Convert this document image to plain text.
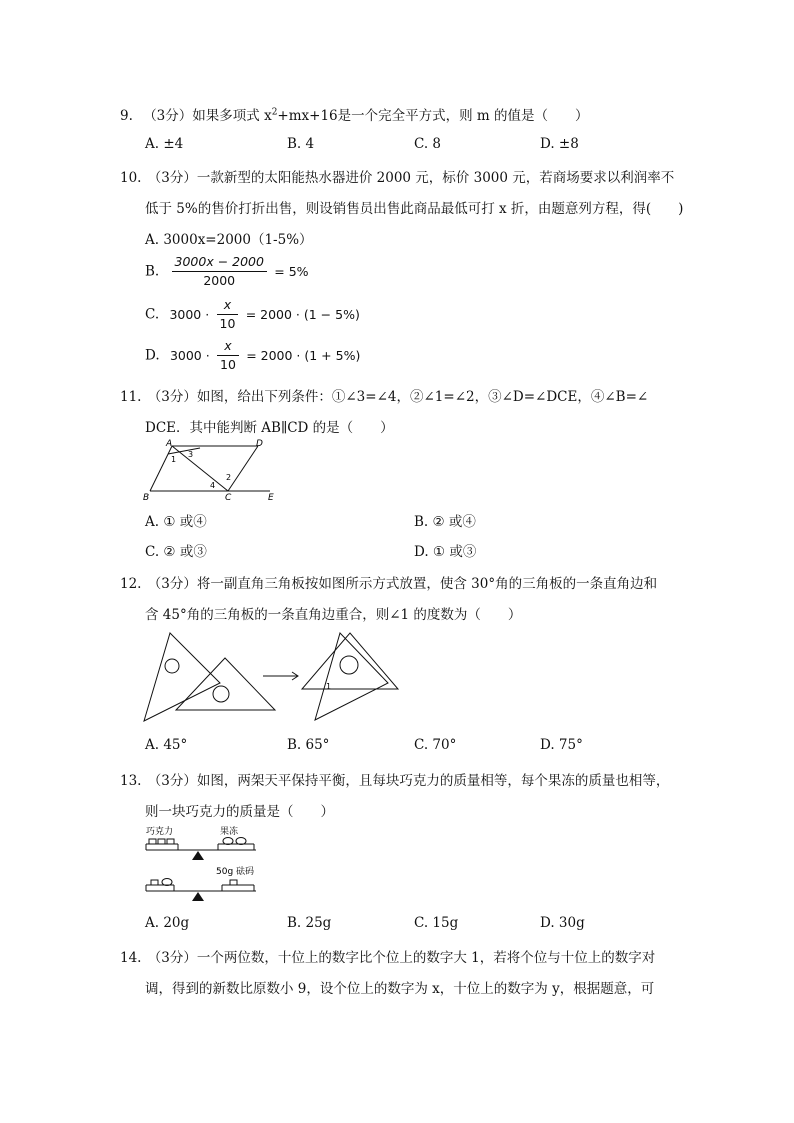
9. （3分）如果多项式 $x^2+mx+16$是一个完全平方式，则 m 的值是（　　）
A. ±4	B. 4	C. 8	D. ±8
10. （3分）一款新型的太阳能热水器进价 2000 元，标价 3000 元，若商场要求以利润率不
低于 5%的售价打折出售，则设销售员出售此商品最低可打 x 折，由题意列方程，得(　　)
A. 3000x=2000（1-5%）
B. $\frac{3000x - 2000}{2000} = 5\%$
C. $3000 \cdot \frac{x}{10} = 2000 \cdot (1 - 5\%)$
D. $3000 \cdot \frac{x}{10} = 2000 \cdot (1 + 5\%)$
11. （3分）如图，给出下列条件：①∠3=∠4，②∠1=∠2，③∠D=∠DCE，④∠B=∠
DCE．其中能判断 AB∥CD 的是（　　）
A	D
1
3
2
4
B	C	E
A. ① 或④	B. ② 或④
C. ② 或③	D. ① 或③
12. （3分）将一副直角三角板按如图所示方式放置，使含 30°角的三角板的一条直角边和
含 45°角的三角板的一条直角边重合，则∠1 的度数为（　　）
1
A. 45°	B. 65°	C. 70°	D. 75°
13. （3分）如图，两架天平保持平衡，且每块巧克力的质量相等，每个果冻的质量也相等，
则一块巧克力的质量是（　　）
巧克力	果冻
50g 砝码
A. 20g	B. 25g	C. 15g	D. 30g
14. （3分）一个两位数，十位上的数字比个位上的数字大 1，若将个位与十位上的数字对
调，得到的新数比原数小 9，设个位上的数字为 x，十位上的数字为 y，根据题意，可
